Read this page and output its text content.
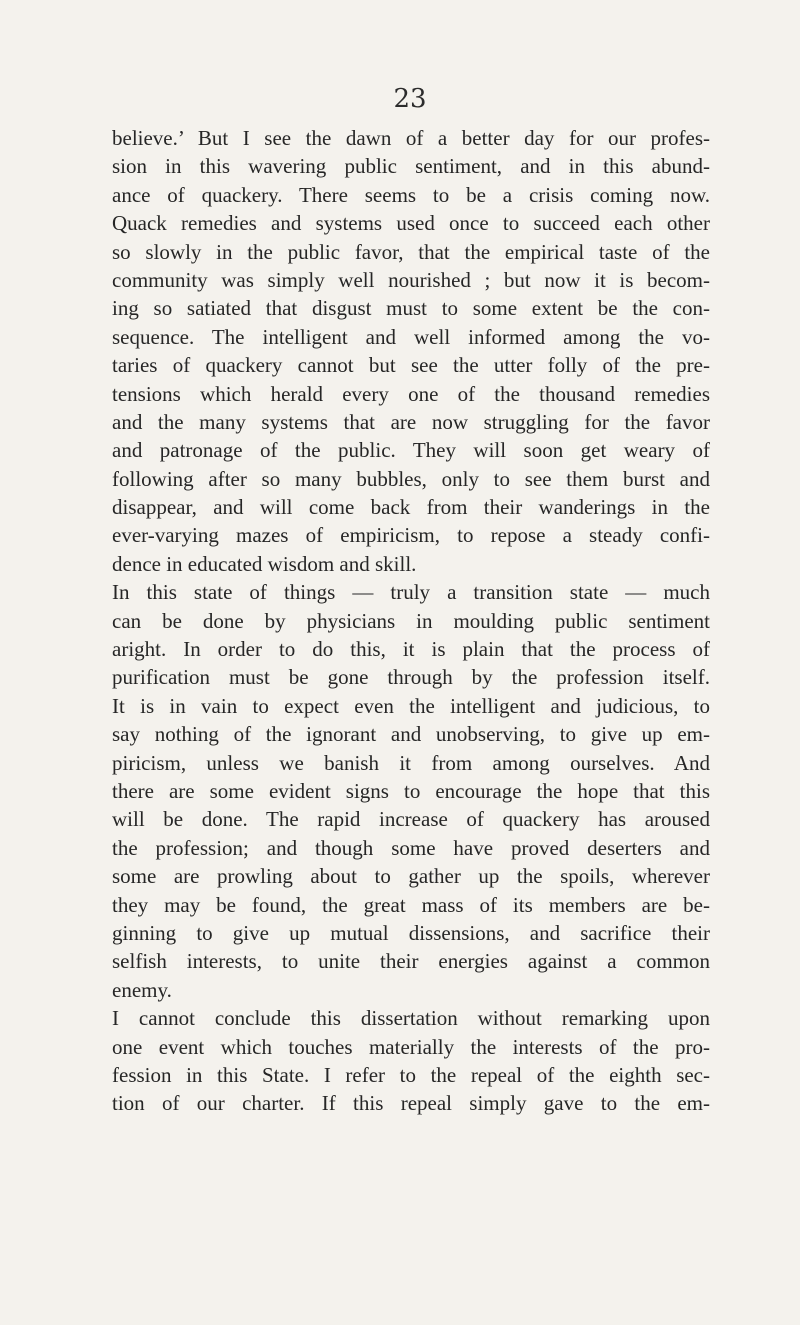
23
believe.’ But I see the dawn of a better day for our profes-
sion in this wavering public sentiment, and in this abund-
ance of quackery. There seems to be a crisis coming now.
Quack remedies and systems used once to succeed each other
so slowly in the public favor, that the empirical taste of the
community was simply well nourished ; but now it is becom-
ing so satiated that disgust must to some extent be the con-
sequence. The intelligent and well informed among the vo-
taries of quackery cannot but see the utter folly of the pre-
tensions which herald every one of the thousand remedies
and the many systems that are now struggling for the favor
and patronage of the public. They will soon get weary of
following after so many bubbles, only to see them burst and
disappear, and will come back from their wanderings in the
ever-varying mazes of empiricism, to repose a steady confi-
dence in educated wisdom and skill.
In this state of things — truly a transition state — much
can be done by physicians in moulding public sentiment
aright. In order to do this, it is plain that the process of
purification must be gone through by the profession itself.
It is in vain to expect even the intelligent and judicious, to
say nothing of the ignorant and unobserving, to give up em-
piricism, unless we banish it from among ourselves. And
there are some evident signs to encourage the hope that this
will be done. The rapid increase of quackery has aroused
the profession; and though some have proved deserters and
some are prowling about to gather up the spoils, wherever
they may be found, the great mass of its members are be-
ginning to give up mutual dissensions, and sacrifice their
selfish interests, to unite their energies against a common
enemy.
I cannot conclude this dissertation without remarking upon
one event which touches materially the interests of the pro-
fession in this State. I refer to the repeal of the eighth sec-
tion of our charter. If this repeal simply gave to the em-
